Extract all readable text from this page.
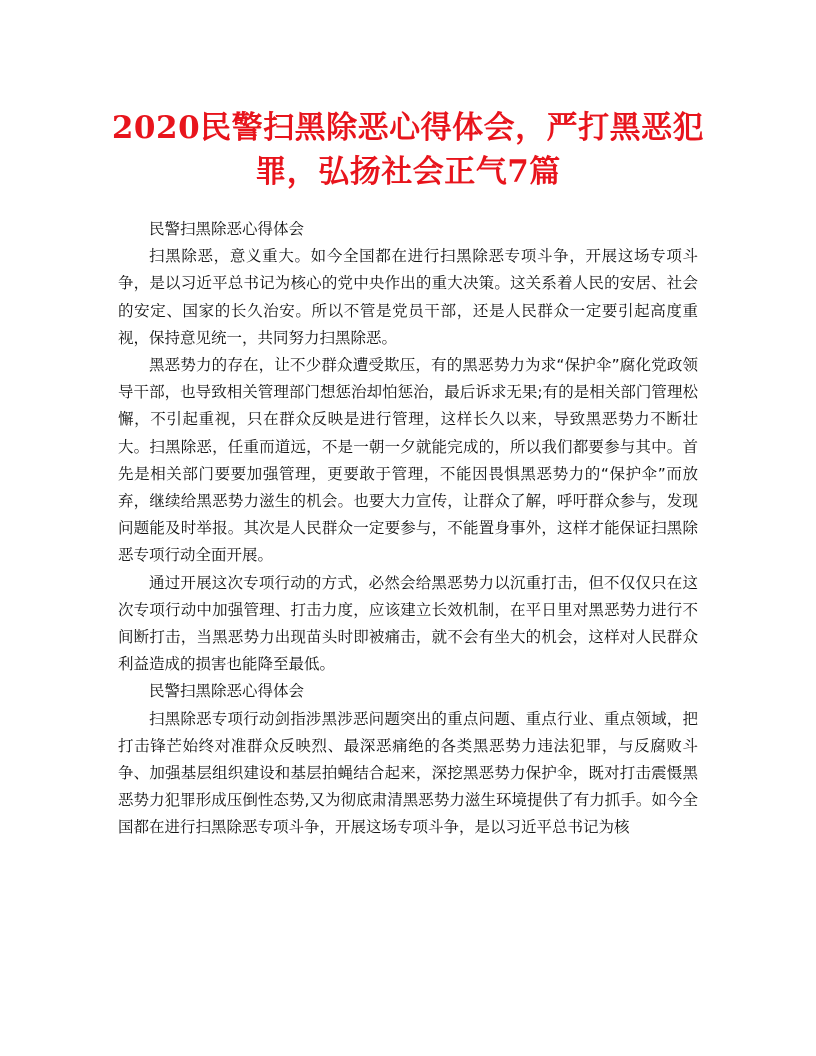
2020民警扫黑除恶心得体会，严打黑恶犯罪，弘扬社会正气7篇

民警扫黑除恶心得体会

扫黑除恶，意义重大。如今全国都在进行扫黑除恶专项斗争，开展这场专项斗争，是以习近平总书记为核心的党中央作出的重大决策。这关系着人民的安居、社会的安定、国家的长久治安。所以不管是党员干部，还是人民群众一定要引起高度重视，保持意见统一，共同努力扫黑除恶。

黑恶势力的存在，让不少群众遭受欺压，有的黑恶势力为求“保护伞”腐化党政领导干部，也导致相关管理部门想惩治却怕惩治，最后诉求无果;有的是相关部门管理松懈，不引起重视，只在群众反映是进行管理，这样长久以来，导致黑恶势力不断壮大。扫黑除恶，任重而道远，不是一朝一夕就能完成的，所以我们都要参与其中。首先是相关部门要要加强管理，更要敢于管理，不能因畏惧黑恶势力的“保护伞”而放弃，继续给黑恶势力滋生的机会。也要大力宣传，让群众了解，呼吁群众参与，发现问题能及时举报。其次是人民群众一定要参与，不能置身事外，这样才能保证扫黑除恶专项行动全面开展。

通过开展这次专项行动的方式，必然会给黑恶势力以沉重打击，但不仅仅只在这次专项行动中加强管理、打击力度，应该建立长效机制，在平日里对黑恶势力进行不间断打击，当黑恶势力出现苗头时即被痛击，就不会有坐大的机会，这样对人民群众利益造成的损害也能降至最低。

民警扫黑除恶心得体会

扫黑除恶专项行动剑指涉黑涉恶问题突出的重点问题、重点行业、重点领域，把打击锋芒始终对准群众反映烈、最深恶痛绝的各类黑恶势力违法犯罪，与反腐败斗争、加强基层组织建设和基层拍蝇结合起来，深挖黑恶势力保护伞，既对打击震慑黑恶势力犯罪形成压倒性态势,又为彻底肃清黑恶势力滋生环境提供了有力抓手。如今全国都在进行扫黑除恶专项斗争，开展这场专项斗争，是以习近平总书记为核
